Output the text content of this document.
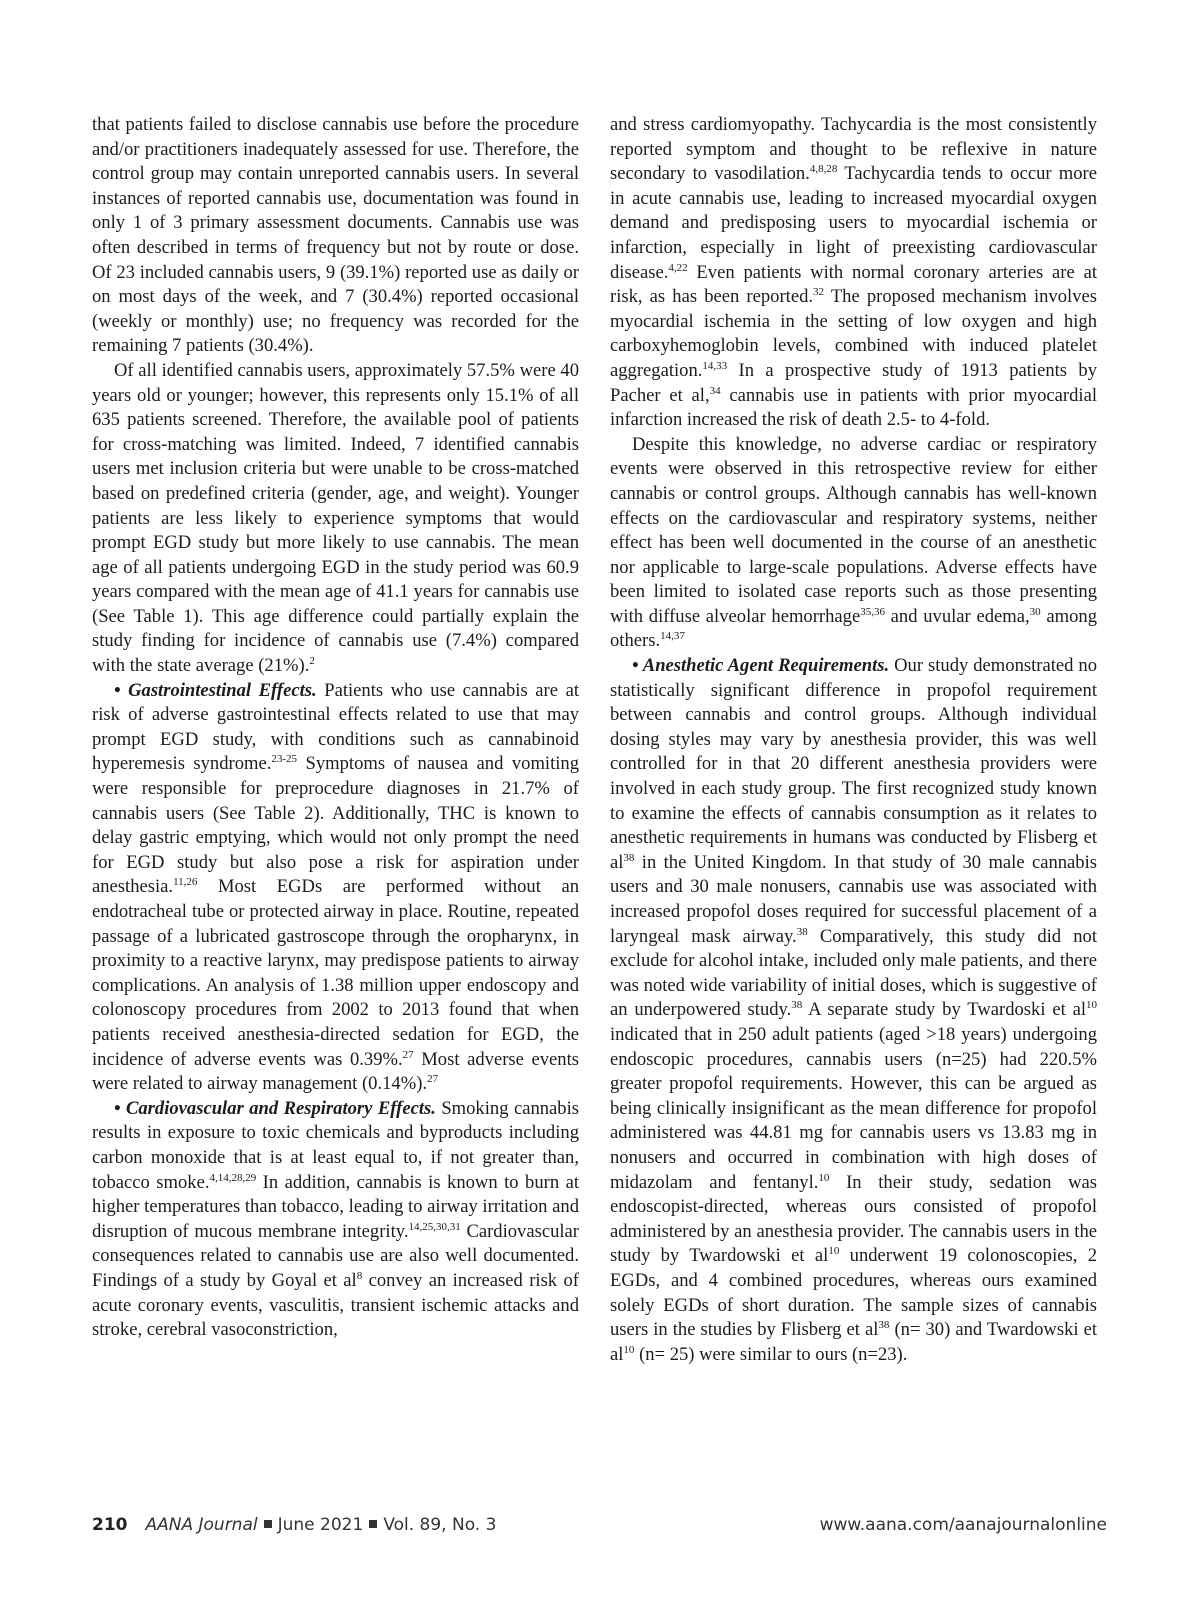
that patients failed to disclose cannabis use before the procedure and/or practitioners inadequately assessed for use. Therefore, the control group may contain unreported cannabis users. In several instances of reported cannabis use, documentation was found in only 1 of 3 primary assessment documents. Cannabis use was often described in terms of frequency but not by route or dose. Of 23 included cannabis users, 9 (39.1%) reported use as daily or on most days of the week, and 7 (30.4%) reported occasional (weekly or monthly) use; no frequency was recorded for the remaining 7 patients (30.4%).

Of all identified cannabis users, approximately 57.5% were 40 years old or younger; however, this represents only 15.1% of all 635 patients screened. Therefore, the available pool of patients for cross-matching was limited. Indeed, 7 identified cannabis users met inclusion criteria but were unable to be cross-matched based on predefined criteria (gender, age, and weight). Younger patients are less likely to experience symptoms that would prompt EGD study but more likely to use cannabis. The mean age of all patients undergoing EGD in the study period was 60.9 years compared with the mean age of 41.1 years for cannabis use (See Table 1). This age difference could partially explain the study finding for incidence of cannabis use (7.4%) compared with the state average (21%).$^2$

• Gastrointestinal Effects. Patients who use cannabis are at risk of adverse gastrointestinal effects related to use that may prompt EGD study, with conditions such as cannabinoid hyperemesis syndrome.$^{23-25}$ Symptoms of nausea and vomiting were responsible for preprocedure diagnoses in 21.7% of cannabis users (See Table 2). Additionally, THC is known to delay gastric emptying, which would not only prompt the need for EGD study but also pose a risk for aspiration under anesthesia.$^{11,26}$ Most EGDs are performed without an endotracheal tube or protected airway in place. Routine, repeated passage of a lubricated gastroscope through the oropharynx, in proximity to a reactive larynx, may predispose patients to airway complications. An analysis of 1.38 million upper endoscopy and colonoscopy procedures from 2002 to 2013 found that when patients received anesthesia-directed sedation for EGD, the incidence of adverse events was 0.39%.$^{27}$ Most adverse events were related to airway management (0.14%).$^{27}$

• Cardiovascular and Respiratory Effects. Smoking cannabis results in exposure to toxic chemicals and byproducts including carbon monoxide that is at least equal to, if not greater than, tobacco smoke.$^{4,14,28,29}$ In addition, cannabis is known to burn at higher temperatures than tobacco, leading to airway irritation and disruption of mucous membrane integrity.$^{14,25,30,31}$ Cardiovascular consequences related to cannabis use are also well documented. Findings of a study by Goyal et $al^8$ convey an increased risk of acute coronary events, vasculitis, transient ischemic attacks and stroke, cerebral vasoconstriction,

and stress cardiomyopathy. Tachycardia is the most consistently reported symptom and thought to be reflexive in nature secondary to vasodilation.$^{4,8,28}$ Tachycardia tends to occur more in acute cannabis use, leading to increased myocardial oxygen demand and predisposing users to myocardial ischemia or infarction, especially in light of preexisting cardiovascular disease.$^{4,22}$ Even patients with normal coronary arteries are at risk, as has been reported.$^{32}$ The proposed mechanism involves myocardial ischemia in the setting of low oxygen and high carboxyhemoglobin levels, combined with induced platelet aggregation.$^{14,33}$ In a prospective study of 1913 patients by Pacher et al,$^{34}$ cannabis use in patients with prior myocardial infarction increased the risk of death 2.5- to 4-fold.

Despite this knowledge, no adverse cardiac or respiratory events were observed in this retrospective review for either cannabis or control groups. Although cannabis has well-known effects on the cardiovascular and respiratory systems, neither effect has been well documented in the course of an anesthetic nor applicable to large-scale populations. Adverse effects have been limited to isolated case reports such as those presenting with diffuse alveolar hemorrhage$^{35,36}$ and uvular edema,$^{30}$ among others.$^{14,37}$

• Anesthetic Agent Requirements. Our study demonstrated no statistically significant difference in propofol requirement between cannabis and control groups. Although individual dosing styles may vary by anesthesia provider, this was well controlled for in that 20 different anesthesia providers were involved in each study group. The first recognized study known to examine the effects of cannabis consumption as it relates to anesthetic requirements in humans was conducted by Flisberg et $al^{38}$ in the United Kingdom. In that study of 30 male cannabis users and 30 male nonusers, cannabis use was associated with increased propofol doses required for successful placement of a laryngeal mask airway.$^{38}$ Comparatively, this study did not exclude for alcohol intake, included only male patients, and there was noted wide variability of initial doses, which is suggestive of an underpowered study.$^{38}$ A separate study by Twardoski et $al^{10}$ indicated that in 250 adult patients (aged >18 years) undergoing endoscopic procedures, cannabis users (n=25) had 220.5% greater propofol requirements. However, this can be argued as being clinically insignificant as the mean difference for propofol administered was 44.81 mg for cannabis users vs 13.83 mg in nonusers and occurred in combination with high doses of midazolam and fentanyl.$^{10}$ In their study, sedation was endoscopist-directed, whereas ours consisted of propofol administered by an anesthesia provider. The cannabis users in the study by Twardowski et $al^{10}$ underwent 19 colonoscopies, 2 EGDs, and 4 combined procedures, whereas ours examined solely EGDs of short duration. The sample sizes of cannabis users in the studies by Flisberg et $al^{38}$ (n= 30) and Twardowski et $al^{10}$ (n= 25) were similar to ours (n=23).

210 AANA Journal June 2021 Vol. 89, No. 3	www.aana.com/aanajournalonline
